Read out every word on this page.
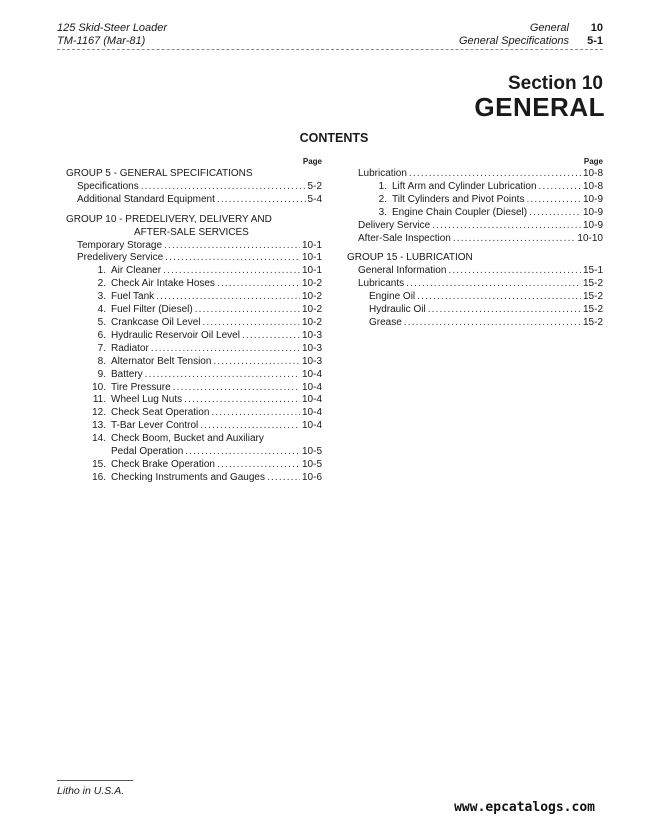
125 Skid-Steer Loader
TM-1167 (Mar-81)
General	10
General Specifications	5-1
Section 10
GENERAL
CONTENTS
Page
GROUP 5 - GENERAL SPECIFICATIONS
Specifications . . .	5-2
Additional Standard Equipment . . .	5-4
GROUP 10 - PREDELIVERY, DELIVERY AND
AFTER-SALE SERVICES
Temporary Storage . . .	10-1
Predelivery Service . . .	10-1
1. Air Cleaner . . .	10-1
2. Check Air Intake Hoses . . .	10-2
3. Fuel Tank . . .	10-2
4. Fuel Filter (Diesel) . . .	10-2
5. Crankcase Oil Level . . .	10-2
6. Hydraulic Reservoir Oil Level . . .	10-3
7. Radiator . . .	10-3
8. Alternator Belt Tension . . .	10-3
9. Battery . . .	10-4
10. Tire Pressure . . .	10-4
11. Wheel Lug Nuts . . .	10-4
12. Check Seat Operation . . .	10-4
13. T-Bar Lever Control . . .	10-4
14. Check Boom, Bucket and Auxiliary
Pedal Operation . . .	10-5
15. Check Brake Operation . . .	10-5
16. Checking Instruments and Gauges . . .	10-6
Page
Lubrication . . .	10-8
1. Lift Arm and Cylinder Lubrication . . .	10-8
2. Tilt Cylinders and Pivot Points . . .	10-9
3. Engine Chain Coupler (Diesel) . . .	10-9
Delivery Service . . .	10-9
After-Sale Inspection . . .	10-10
GROUP 15 - LUBRICATION
General Information . . .	15-1
Lubricants . . .	15-2
Engine Oil . . .	15-2
Hydraulic Oil . . .	15-2
Grease . . .	15-2
Litho in U.S.A.
www.epcatalogs.com
